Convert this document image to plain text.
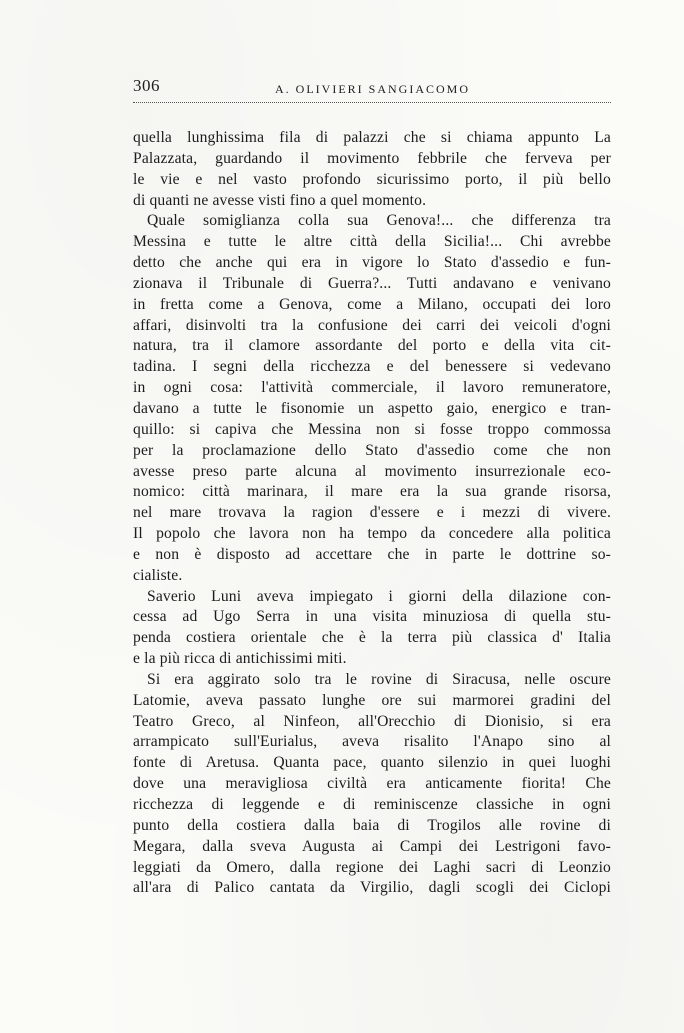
306	A. OLIVIERI SANGIACOMO
quella lunghissima fila di palazzi che si chiama appunto La
Palazzata, guardando il movimento febbrile che ferveva per
le vie e nel vasto profondo sicurissimo porto, il più bello
di quanti ne avesse visti fino a quel momento.
Quale somiglianza colla sua Genova!... che differenza tra
Messina e tutte le altre città della Sicilia!... Chi avrebbe
detto che anche qui era in vigore lo Stato d'assedio e fun-
zionava il Tribunale di Guerra?... Tutti andavano e venivano
in fretta come a Genova, come a Milano, occupati dei loro
affari, disinvolti tra la confusione dei carri dei veicoli d'ogni
natura, tra il clamore assordante del porto e della vita cit-
tadina. I segni della ricchezza e del benessere si vedevano
in ogni cosa: l'attività commerciale, il lavoro remuneratore,
davano a tutte le fisonomie un aspetto gaio, energico e tran-
quillo: si capiva che Messina non si fosse troppo commossa
per la proclamazione dello Stato d'assedio come che non
avesse preso parte alcuna al movimento insurrezionale eco-
nomico: città marinara, il mare era la sua grande risorsa,
nel mare trovava la ragion d'essere e i mezzi di vivere.
Il popolo che lavora non ha tempo da concedere alla politica
e non è disposto ad accettare che in parte le dottrine so-
cialiste.
Saverio Luni aveva impiegato i giorni della dilazione con-
cessa ad Ugo Serra in una visita minuziosa di quella stu-
penda costiera orientale che è la terra più classica d' Italia
e la più ricca di antichissimi miti.
Si era aggirato solo tra le rovine di Siracusa, nelle oscure
Latomie, aveva passato lunghe ore sui marmorei gradini del
Teatro Greco, al Ninfeon, all'Orecchio di Dionisio, si era
arrampicato sull'Eurialus, aveva risalito l'Anapo sino al
fonte di Aretusa. Quanta pace, quanto silenzio in quei luoghi
dove una meravigliosa civiltà era anticamente fiorita! Che
ricchezza di leggende e di reminiscenze classiche in ogni
punto della costiera dalla baia di Trogilos alle rovine di
Megara, dalla sveva Augusta ai Campi dei Lestrigoni favo-
leggiati da Omero, dalla regione dei Laghi sacri di Leonzio
all'ara di Palico cantata da Virgilio, dagli scogli dei Ciclopi
